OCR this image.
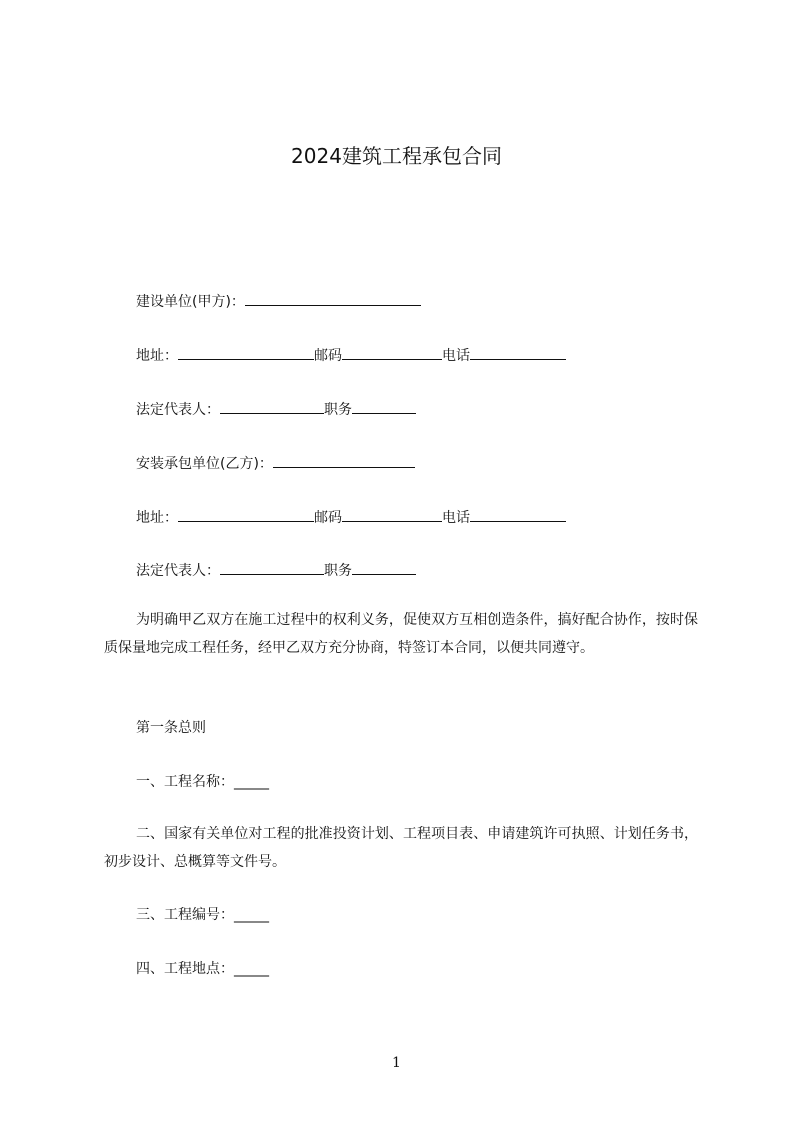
2024建筑工程承包合同
建设单位(甲方)：
地址：	邮码	电话
法定代表人：	职务
安装承包单位(乙方)：
地址：	邮码	电话
法定代表人：	职务
为明确甲乙双方在施工过程中的权利义务，促使双方互相创造条件，搞好配合协作，按时保质保量地完成工程任务，经甲乙双方充分协商，特签订本合同，以便共同遵守。
第一条总则
一、工程名称：_____
二、国家有关单位对工程的批准投资计划、工程项目表、申请建筑许可执照、计划任务书，初步设计、总概算等文件号。
三、工程编号：_____
四、工程地点：_____
1
